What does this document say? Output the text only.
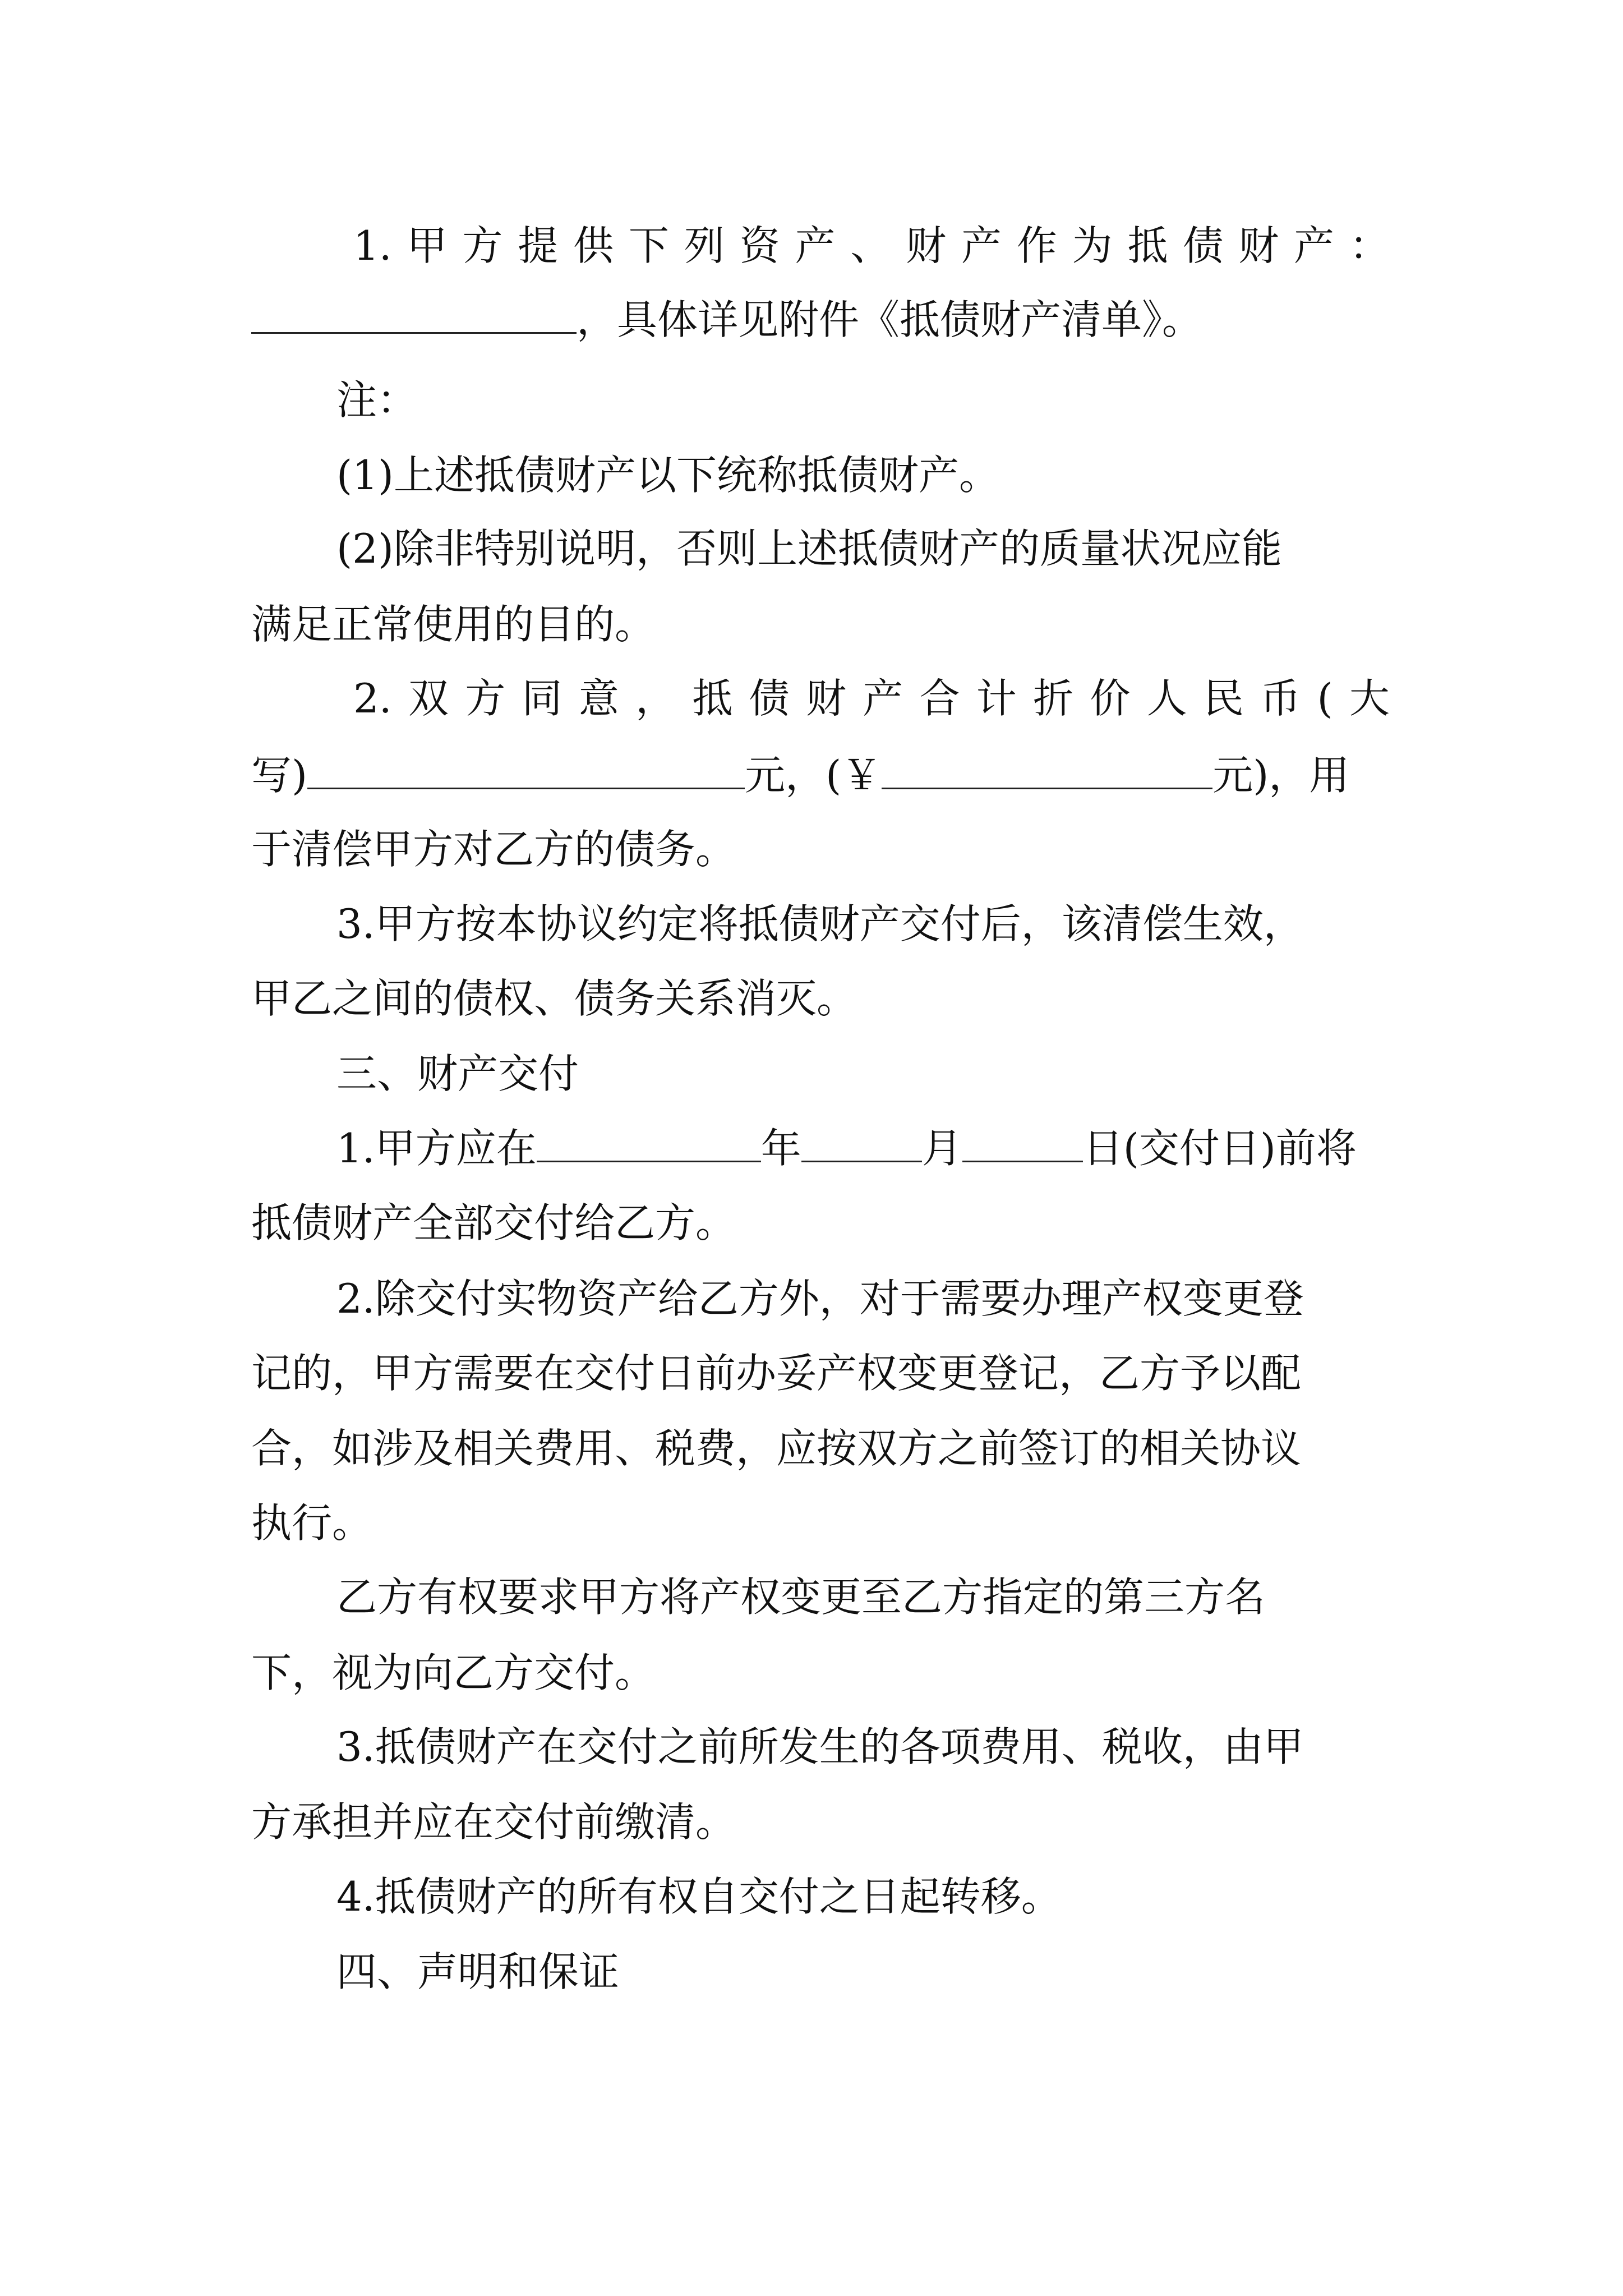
1. 甲 方 提 供 下 列 资 产 、 财 产 作 为 抵 债 财 产 ：
，具体详见附件《抵债财产清单》。
注：
(1)上述抵债财产以下统称抵债财产。
(2)除非特别说明，否则上述抵债财产的质量状况应能
满足正常使用的目的。
2. 双 方 同 意 ， 抵 债 财 产 合 计 折 价 人 民 币 ( 大
写)	元，(￥	元)，用
于清偿甲方对乙方的债务。
3.甲方按本协议约定将抵债财产交付后，该清偿生效，
甲乙之间的债权、债务关系消灭。
三、财产交付
1.甲方应在	年	月	日(交付日)前将
抵债财产全部交付给乙方。
2.除交付实物资产给乙方外，对于需要办理产权变更登
记的，甲方需要在交付日前办妥产权变更登记，乙方予以配
合，如涉及相关费用、税费，应按双方之前签订的相关协议
执行。
乙方有权要求甲方将产权变更至乙方指定的第三方名
下，视为向乙方交付。
3.抵债财产在交付之前所发生的各项费用、税收，由甲
方承担并应在交付前缴清。
4.抵债财产的所有权自交付之日起转移。
四、声明和保证
